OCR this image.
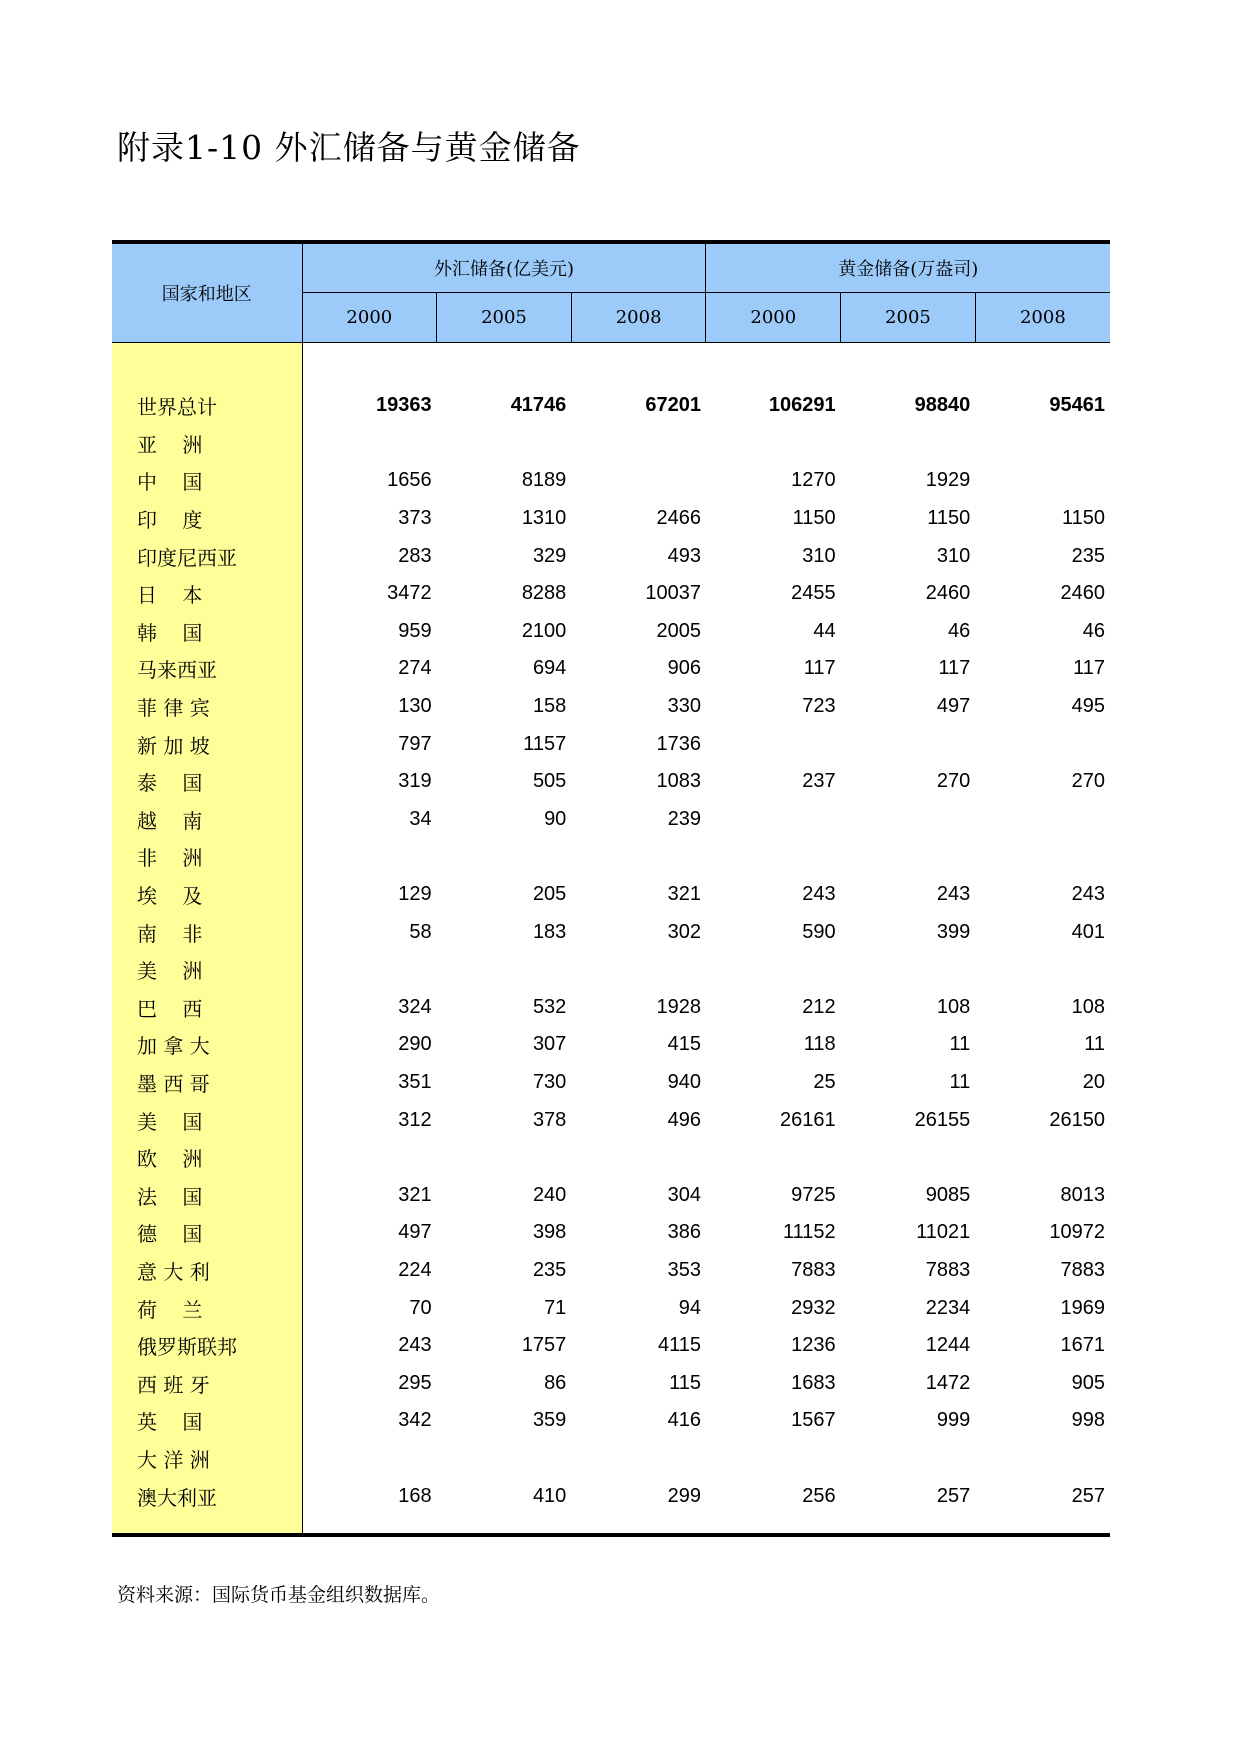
附录1-10 外汇储备与黄金储备
国家和地区	外汇储备(亿美元)			黄金储备(万盎司)		
	2000	2005	2008	2000	2005	2008

世界总计	19363	41746	67201	106291	98840	95461
亚    洲						
中    国	1656	8189		1270	1929	
印    度	373	1310	2466	1150	1150	1150
印度尼西亚	283	329	493	310	310	235
日    本	3472	8288	10037	2455	2460	2460
韩    国	959	2100	2005	44	46	46
马来西亚	274	694	906	117	117	117
菲 律 宾	130	158	330	723	497	495
新 加 坡	797	1157	1736			
泰    国	319	505	1083	237	270	270
越    南	34	90	239			
非    洲						
埃    及	129	205	321	243	243	243
南    非	58	183	302	590	399	401
美    洲						
巴    西	324	532	1928	212	108	108
加 拿 大	290	307	415	118	11	11
墨 西 哥	351	730	940	25	11	20
美    国	312	378	496	26161	26155	26150
欧    洲						
法    国	321	240	304	9725	9085	8013
德    国	497	398	386	11152	11021	10972
意 大 利	224	235	353	7883	7883	7883
荷    兰	70	71	94	2932	2234	1969
俄罗斯联邦	243	1757	4115	1236	1244	1671
西 班 牙	295	86	115	1683	1472	905
英    国	342	359	416	1567	999	998
大 洋 洲						
澳大利亚	168	410	299	256	257	257

资料来源：国际货币基金组织数据库。
